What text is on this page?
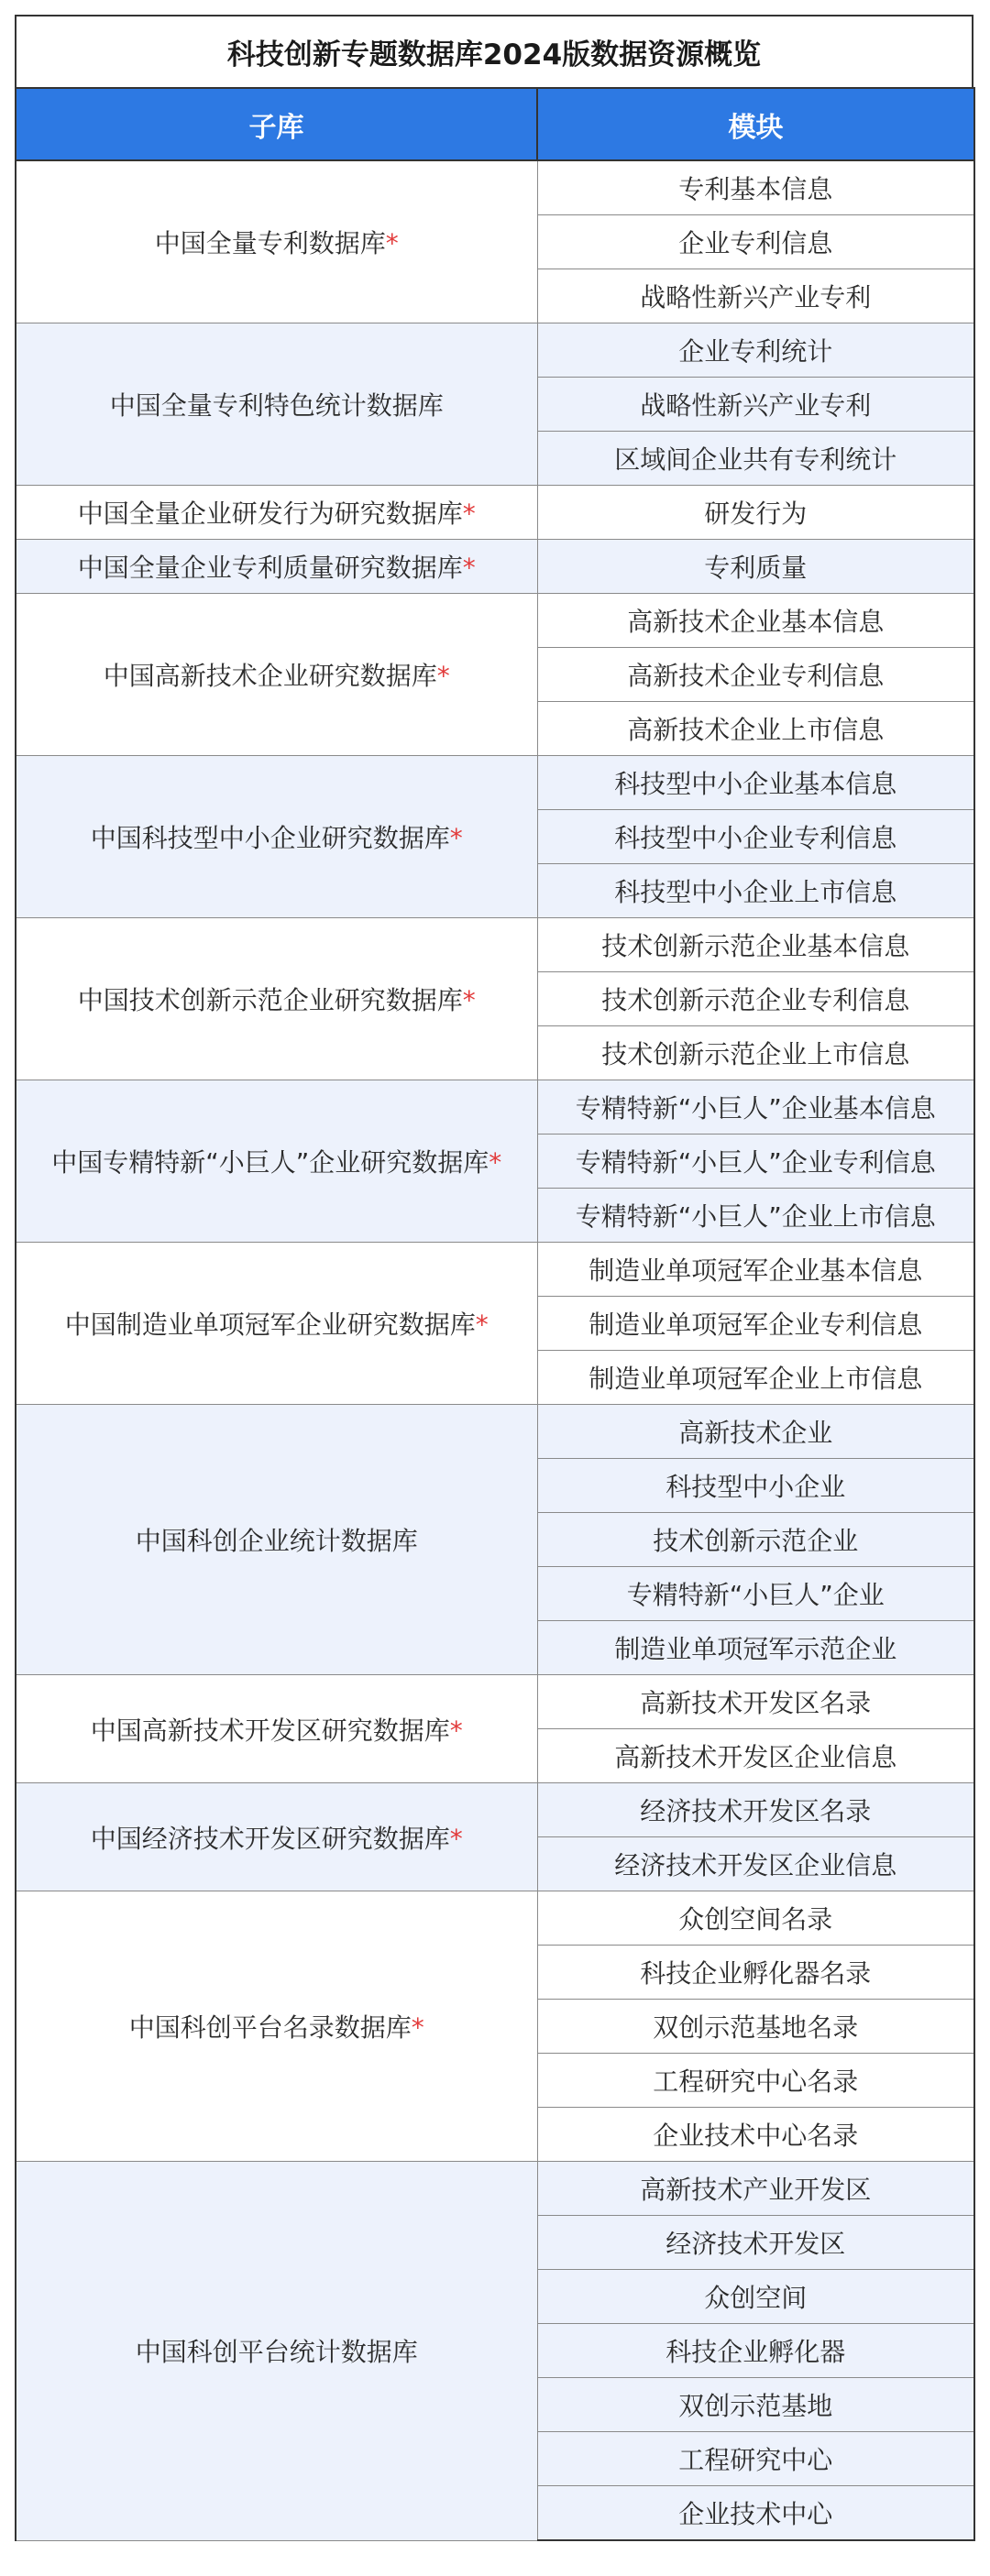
科技创新专题数据库2024版数据资源概览
子库	模块
中国全量专利数据库*	专利基本信息
	企业专利信息
	战略性新兴产业专利
中国全量专利特色统计数据库	企业专利统计
	战略性新兴产业专利
	区域间企业共有专利统计
中国全量企业研发行为研究数据库*	研发行为
中国全量企业专利质量研究数据库*	专利质量
中国高新技术企业研究数据库*	高新技术企业基本信息
	高新技术企业专利信息
	高新技术企业上市信息
中国科技型中小企业研究数据库*	科技型中小企业基本信息
	科技型中小企业专利信息
	科技型中小企业上市信息
中国技术创新示范企业研究数据库*	技术创新示范企业基本信息
	技术创新示范企业专利信息
	技术创新示范企业上市信息
中国专精特新“小巨人”企业研究数据库*	专精特新“小巨人”企业基本信息
	专精特新“小巨人”企业专利信息
	专精特新“小巨人”企业上市信息
中国制造业单项冠军企业研究数据库*	制造业单项冠军企业基本信息
	制造业单项冠军企业专利信息
	制造业单项冠军企业上市信息
中国科创企业统计数据库	高新技术企业
	科技型中小企业
	技术创新示范企业
	专精特新“小巨人”企业
	制造业单项冠军示范企业
中国高新技术开发区研究数据库*	高新技术开发区名录
	高新技术开发区企业信息
中国经济技术开发区研究数据库*	经济技术开发区名录
	经济技术开发区企业信息
中国科创平台名录数据库*	众创空间名录
	科技企业孵化器名录
	双创示范基地名录
	工程研究中心名录
	企业技术中心名录
中国科创平台统计数据库	高新技术产业开发区
	经济技术开发区
	众创空间
	科技企业孵化器
	双创示范基地
	工程研究中心
	企业技术中心
